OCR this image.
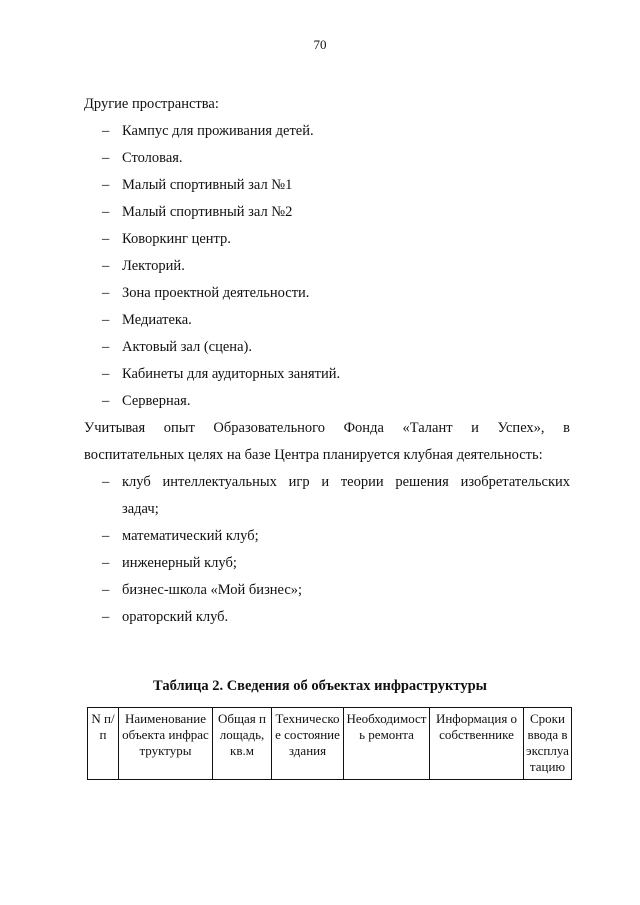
70
Другие пространства:
– Кампус для проживания детей.
– Столовая.
– Малый спортивный зал №1
– Малый спортивный зал №2
– Коворкинг центр.
– Лекторий.
– Зона проектной деятельности.
– Медиатека.
– Актовый зал (сцена).
– Кабинеты для аудиторных занятий.
– Серверная.
Учитывая опыт Образовательного Фонда «Талант и Успех», в
воспитательных целях на базе Центра планируется клубная деятельность:
– клуб интеллектуальных игр и теории решения изобретательских
задач;
– математический клуб;
– инженерный клуб;
– бизнес-школа «Мой бизнес»;
– ораторский клуб.
Таблица 2. Сведения об объектах инфраструктуры
N п/п	Наименование объекта инфраструктуры	Общая площадь, кв.м	Техническое состояние здания	Необходимость ремонта	Информация о собственнике	Сроки ввода в эксплуатацию
